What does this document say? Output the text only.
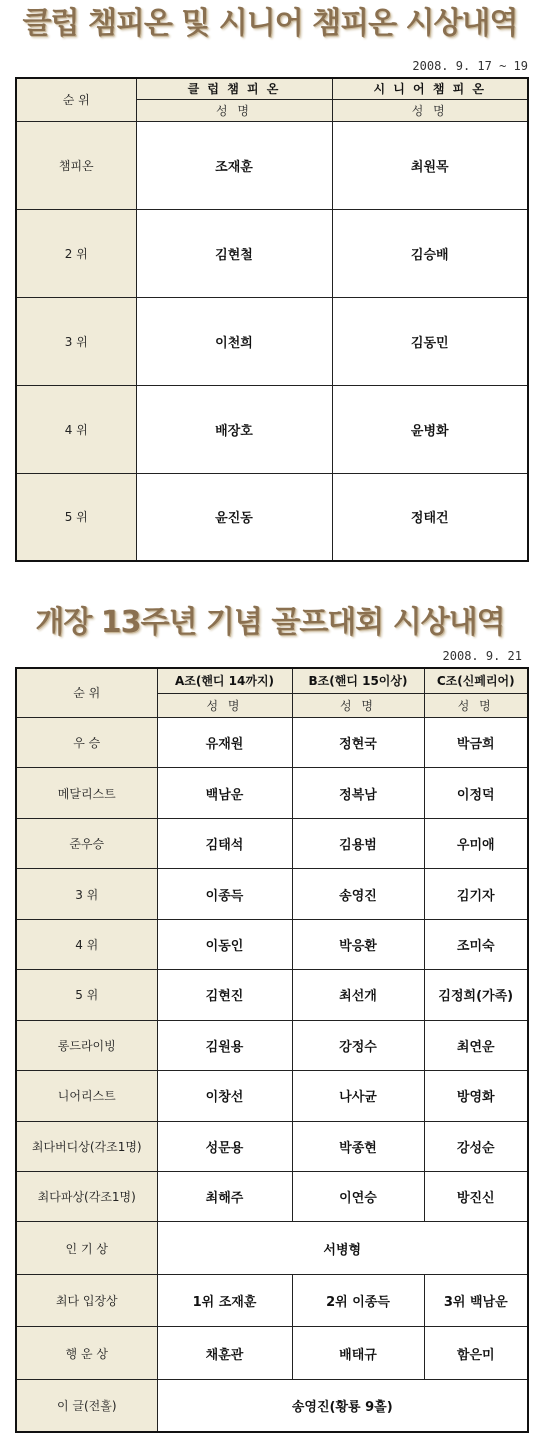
클럽 챔피온 및 시니어 챔피온 시상내역
2008. 9. 17 ~ 19
순 위	클 럽 챔 피 온	시 니 어 챔 피 온
	성 명	성 명
챔피온	조재훈	최원목
2 위	김현철	김승배
3 위	이천희	김동민
4 위	배장호	윤병화
5 위	윤진동	정태건
개장 13주년 기념 골프대회 시상내역
2008. 9. 21
순 위	A조(핸디 14까지)	B조(핸디 15이상)	C조(신페리어)
	성 명	성 명	성 명
우 승	유재원	정현국	박금희
메달리스트	백남운	정복남	이정덕
준우승	김태석	김용범	우미애
3 위	이종득	송영진	김기자
4 위	이동인	박응환	조미숙
5 위	김현진	최선개	김정희(가족)
롱드라이빙	김원용	강정수	최연운
니어리스트	이창선	나사균	방영화
최다버디상(각조1명)	성문용	박종현	강성순
최다파상(각조1명)	최해주	이연승	방진신
인 기 상	서병형		
최다 입장상	1위 조재훈	2위 이종득	3위 백남운
행 운 상	채훈관	배태규	함은미
이 글(전홀)	송영진(황룡 9홀)		
